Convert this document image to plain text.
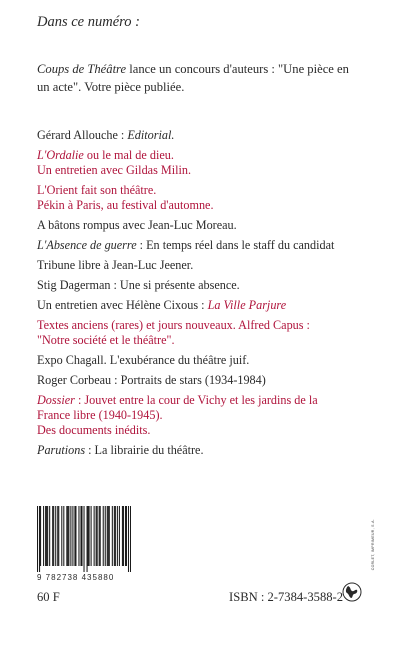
Dans ce numéro :
Coups de Théâtre lance un concours d'auteurs : "Une pièce en
un acte". Votre pièce publiée.
Gérard Allouche : Editorial.
L'Ordalie ou le mal de dieu.
Un entretien avec Gildas Milin.
L'Orient fait son théâtre.
Pékin à Paris, au festival d'automne.
A bâtons rompus avec Jean-Luc Moreau.
L'Absence de guerre : En temps réel dans le staff du candidat
Tribune libre à Jean-Luc Jeener.
Stig Dagerman : Une si présente absence.
Un entretien avec Hélène Cixous : La Ville Parjure
Textes anciens (rares) et jours nouveaux. Alfred Capus :
"Notre société et le théâtre".
Expo Chagall. L'exubérance du théâtre juif.
Roger Corbeau : Portraits de stars (1934-1984)
Dossier : Jouvet entre la cour de Vichy et les jardins de la
France libre (1940-1945).
Des documents inédits.
Parutions : La librairie du théâtre.
9 782738 435880
60 F	ISBN : 2-7384-3588-2
CORLET, IMPRIMEUR, S.A.
